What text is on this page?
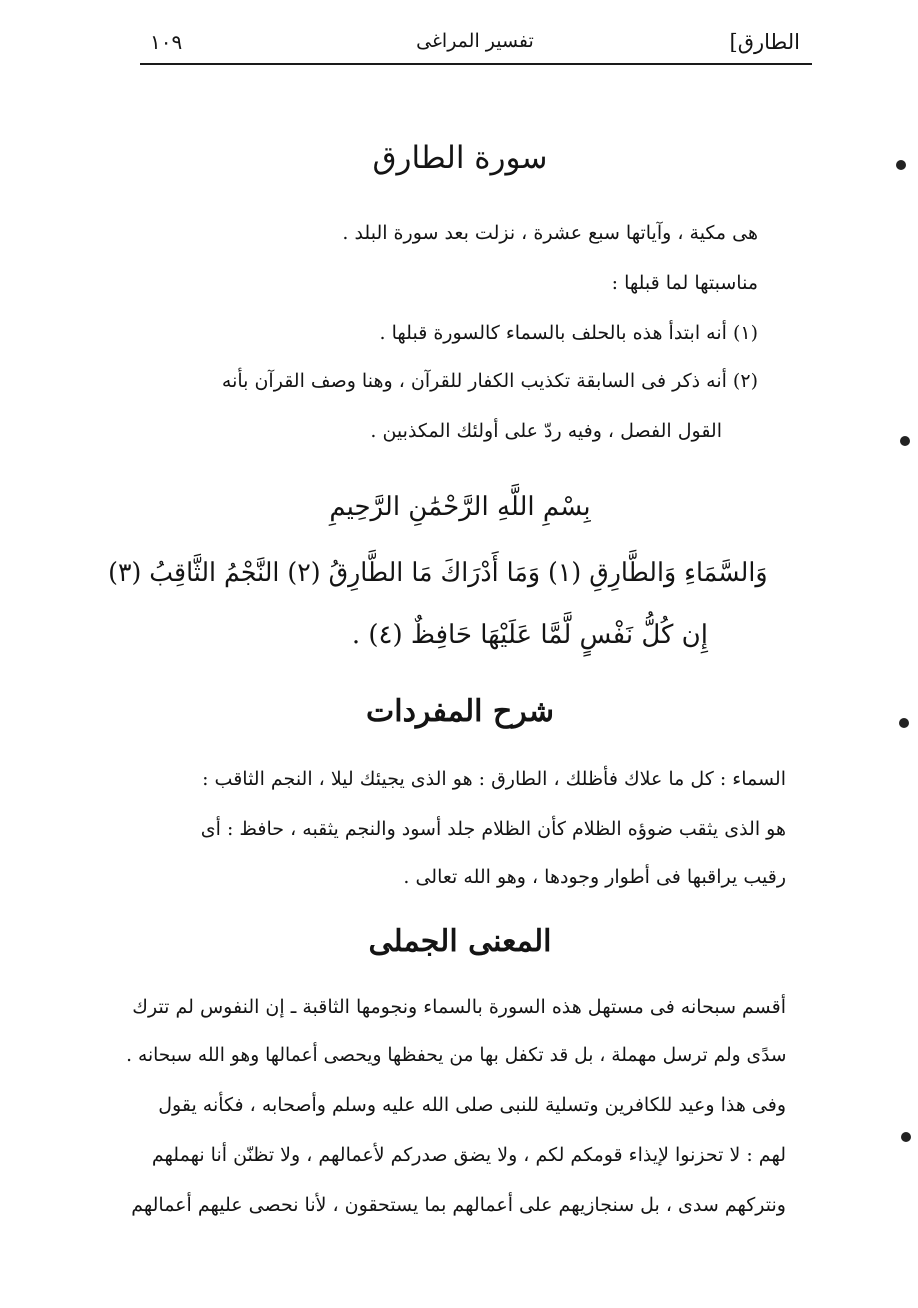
الطارق]
تفسير المراغى
١٠٩
سورة الطارق
هى مكية ، وآياتها سبع عشرة ، نزلت بعد سورة البلد .
مناسبتها لما قبلها :
(١) أنه ابتدأ هذه بالحلف بالسماء كالسورة قبلها .
(٢) أنه ذكر فى السابقة تكذيب الكفار للقرآن ، وهنا وصف القرآن بأنه
القول الفصل ، وفيه ردّ على أولئك المكذبين .
بِسْمِ اللَّهِ الرَّحْمَٰنِ الرَّحِيمِ
وَالسَّمَاءِ وَالطَّارِقِ (١) وَمَا أَدْرَاكَ مَا الطَّارِقُ (٢) النَّجْمُ الثَّاقِبُ (٣)
إِن كُلُّ نَفْسٍ لَّمَّا عَلَيْهَا حَافِظٌ (٤) .
شرح المفردات
السماء : كل ما علاك فأظلك ، الطارق : هو الذى يجيئك ليلا ، النجم الثاقب :
هو الذى يثقب ضوؤه الظلام كأن الظلام جلد أسود والنجم يثقبه ، حافظ : أى
رقيب يراقبها فى أطوار وجودها ، وهو الله تعالى .
المعنى الجملى
أقسم سبحانه فى مستهل هذه السورة بالسماء ونجومها الثاقبة ـ إن النفوس لم تترك
سدًى ولم ترسل مهملة ، بل قد تكفل بها من يحفظها ويحصى أعمالها وهو الله سبحانه .
وفى هذا وعيد للكافرين وتسلية للنبى صلى الله عليه وسلم وأصحابه ، فكأنه يقول
لهم : لا تحزنوا لإيذاء قومكم لكم ، ولا يضق صدركم لأعمالهم ، ولا تظنّن أنا نهملهم
ونتركهم سدى ، بل سنجازيهم على أعمالهم بما يستحقون ، لأنا نحصى عليهم أعمالهم
